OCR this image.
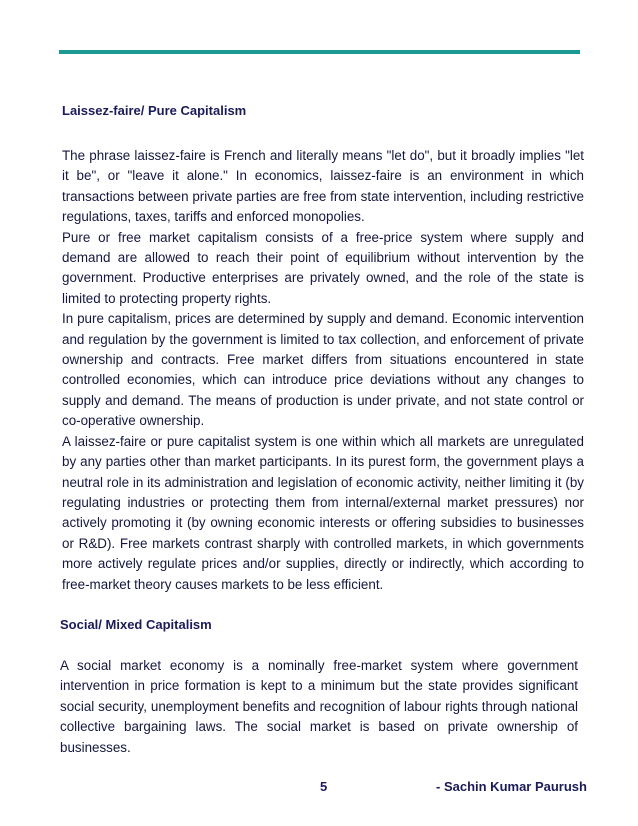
Laissez-faire/ Pure Capitalism
The phrase laissez-faire is French and literally means "let do", but it broadly implies "let it be", or "leave it alone." In economics, laissez-faire is an environment in which transactions between private parties are free from state intervention, including restrictive regulations, taxes, tariffs and enforced monopolies.
Pure or free market capitalism consists of a free-price system where supply and demand are allowed to reach their point of equilibrium without intervention by the government. Productive enterprises are privately owned, and the role of the state is limited to protecting property rights.
In pure capitalism, prices are determined by supply and demand. Economic intervention and regulation by the government is limited to tax collection, and enforcement of private ownership and contracts. Free market differs from situations encountered in state controlled economies, which can introduce price deviations without any changes to supply and demand. The means of production is under private, and not state control or co-operative ownership.
A laissez-faire or pure capitalist system is one within which all markets are unregulated by any parties other than market participants. In its purest form, the government plays a neutral role in its administration and legislation of economic activity, neither limiting it (by regulating industries or protecting them from internal/external market pressures) nor actively promoting it (by owning economic interests or offering subsidies to businesses or R&D). Free markets contrast sharply with controlled markets, in which governments more actively regulate prices and/or supplies, directly or indirectly, which according to free-market theory causes markets to be less efficient.
Social/ Mixed Capitalism
A social market economy is a nominally free-market system where government intervention in price formation is kept to a minimum but the state provides significant social security, unemployment benefits and recognition of labour rights through national collective bargaining laws. The social market is based on private ownership of businesses.
5	- Sachin Kumar Paurush
